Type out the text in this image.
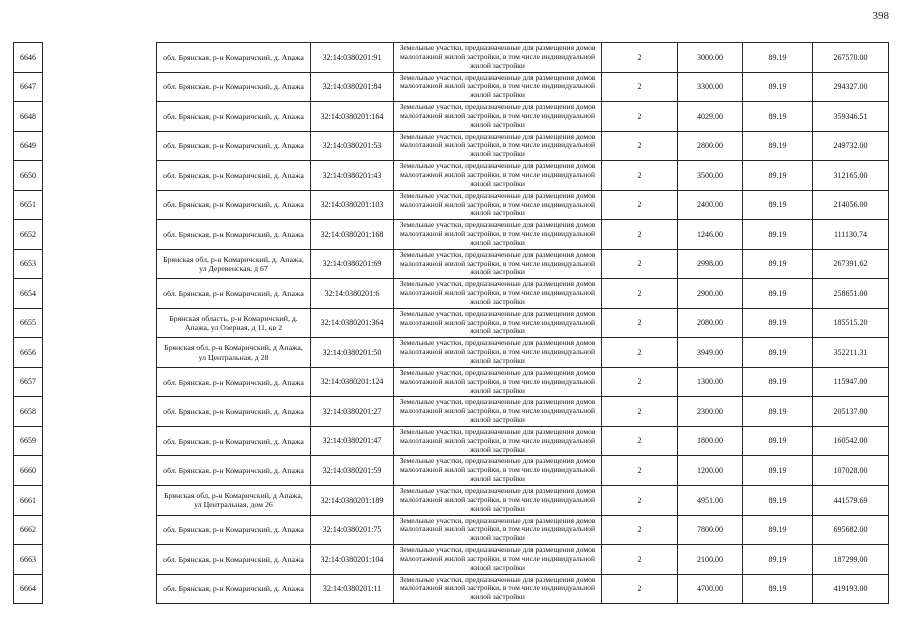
398
6646		обл. Брянская, р-н Комаричский, д. Апажа	32:14:0380201:91	Земельные участки, предназначенные для размещения домов малоэтажной жилой застройки, в том числе индивидуальной жилой застройки	2	3000.00	89.19	267570.00
6647		обл. Брянская, р-н Комаричский, д. Апажа	32:14:0380201:84	Земельные участки, предназначенные для размещения домов малоэтажной жилой застройки, в том числе индивидуальной жилой застройки	2	3300.00	89.19	294327.00
6648		обл. Брянская, р-н Комаричский, д. Апажа	32:14:0380201:164	Земельные участки, предназначенные для размещения домов малоэтажной жилой застройки, в том числе индивидуальной жилой застройки	2	4029.00	89.19	359346.51
6649		обл. Брянская, р-н Комаричский, д. Апажа	32:14:0380201:53	Земельные участки, предназначенные для размещения домов малоэтажной жилой застройки, в том числе индивидуальной жилой застройки	2	2800.00	89.19	249732.00
6650		обл. Брянская, р-н Комаричский, д. Апажа	32:14:0380201:43	Земельные участки, предназначенные для размещения домов малоэтажной жилой застройки, в том числе индивидуальной жилой застройки	2	3500.00	89.19	312165.00
6651		обл. Брянская, р-н Комаричский, д. Апажа	32:14:0380201:103	Земельные участки, предназначенные для размещения домов малоэтажной жилой застройки, в том числе индивидуальной жилой застройки	2	2400.00	89.19	214056.00
6652		обл. Брянская, р-н Комаричский, д. Апажа	32:14:0380201:168	Земельные участки, предназначенные для размещения домов малоэтажной жилой застройки, в том числе индивидуальной жилой застройки	2	1246.00	89.19	111130.74
6653		Брянская обл, р-н Комаричский, д. Апажа, ул Деревенская, д 67	32:14:0380201:69	Земельные участки, предназначенные для размещения домов малоэтажной жилой застройки, в том числе индивидуальной жилой застройки	2	2998.00	89.19	267391.62
6654		обл. Брянская, р-н Комаричский, д. Апажа	32:14:0380201:6	Земельные участки, предназначенные для размещения домов малоэтажной жилой застройки, в том числе индивидуальной жилой застройки	2	2900.00	89.19	258651.00
6655		Брянская область, р-н Комаричский, д. Апажа, ул Озерная, д 11, кв 2	32:14:0380201:364	Земельные участки, предназначенные для размещения домов малоэтажной жилой застройки, в том числе индивидуальной жилой застройки	2	2080.00	89.19	185515.20
6656		Брянская обл, р-н Комаричский, д Апажа, ул Центральная, д 28	32:14:0380201:50	Земельные участки, предназначенные для размещения домов малоэтажной жилой застройки, в том числе индивидуальной жилой застройки	2	3949.00	89.19	352211.31
6657		обл. Брянская, р-н Комаричский, д. Апажа	32:14:0380201:124	Земельные участки, предназначенные для размещения домов малоэтажной жилой застройки, в том числе индивидуальной жилой застройки	2	1300.00	89.19	115947.00
6658		обл. Брянская, р-н Комаричский, д. Апажа	32:14:0380201:27	Земельные участки, предназначенные для размещения домов малоэтажной жилой застройки, в том числе индивидуальной жилой застройки	2	2300.00	89.19	205137.00
6659		обл. Брянская, р-н Комаричский, д. Апажа	32:14:0380201:47	Земельные участки, предназначенные для размещения домов малоэтажной жилой застройки, в том числе индивидуальной жилой застройки	2	1800.00	89.19	160542.00
6660		обл. Брянская, р-н Комаричский, д. Апажа	32:14:0380201:59	Земельные участки, предназначенные для размещения домов малоэтажной жилой застройки, в том числе индивидуальной жилой застройки	2	1200.00	89.19	107028.00
6661		Брянская обл, р-н Комаричский, д Апажа, ул Центральная, дом 26	32:14:0380201:189	Земельные участки, предназначенные для размещения домов малоэтажной жилой застройки, в том числе индивидуальной жилой застройки	2	4951.00	89.19	441579.69
6662		обл. Брянская, р-н Комаричский, д. Апажа	32:14:0380201:75	Земельные участки, предназначенные для размещения домов малоэтажной жилой застройки, в том числе индивидуальной жилой застройки	2	7800.00	89.19	695682.00
6663		обл. Брянская, р-н Комаричский, д. Апажа	32:14:0380201:104	Земельные участки, предназначенные для размещения домов малоэтажной жилой застройки, в том числе индивидуальной жилой застройки	2	2100.00	89.19	187299.00
6664		обл. Брянская, р-н Комаричский, д. Апажа	32:14:0380201:11	Земельные участки, предназначенные для размещения домов малоэтажной жилой застройки, в том числе индивидуальной жилой застройки	2	4700.00	89.19	419193.00
